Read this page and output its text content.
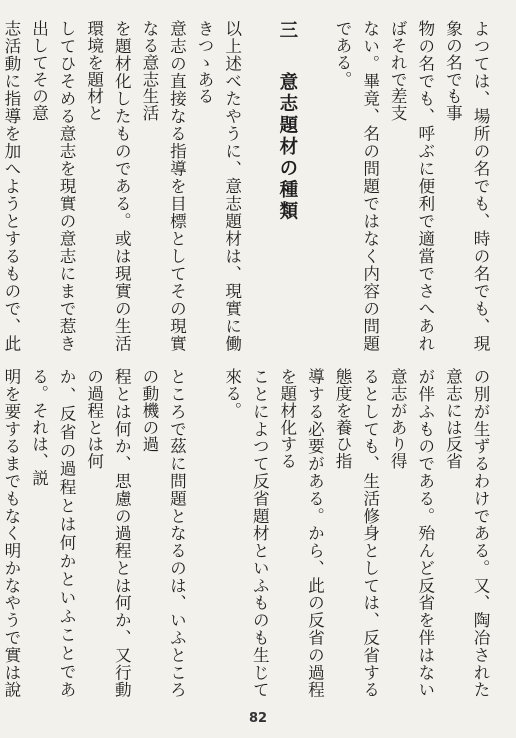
よつては、場所の名でも、時の名でも、現象の名でも事
物の名でも、呼ぶに便利で適當でさへあればそれで差支
ない。畢竟、名の問題ではなく内容の問題である。

三　意志題材の種類

以上述べたやうに、意志題材は、現實に働きつゝある
意志の直接なる指導を目標としてその現實なる意志生活
を題材化したものである。或は現實の生活環境を題材と
してひそめる意志を現實の意志にまで惹き出してその意
志活動に指導を加へようとするもので、此

の別が生ずるわけである。又、陶冶された意志には反省
が伴ふものである。殆んど反省を伴はない意志があり得
るとしても、生活修身としては、反省する態度を養ひ指
導する必要がある。から、此の反省の過程を題材化する
ことによつて反省題材といふものも生じて來る。

ところで茲に問題となるのは、いふところの動機の過
程とは何か、思慮の過程とは何か、又行動の過程とは何
か、反省の過程とは何かといふことである。それは、説
明を要するまでもなく明かなやうで實は說

82
